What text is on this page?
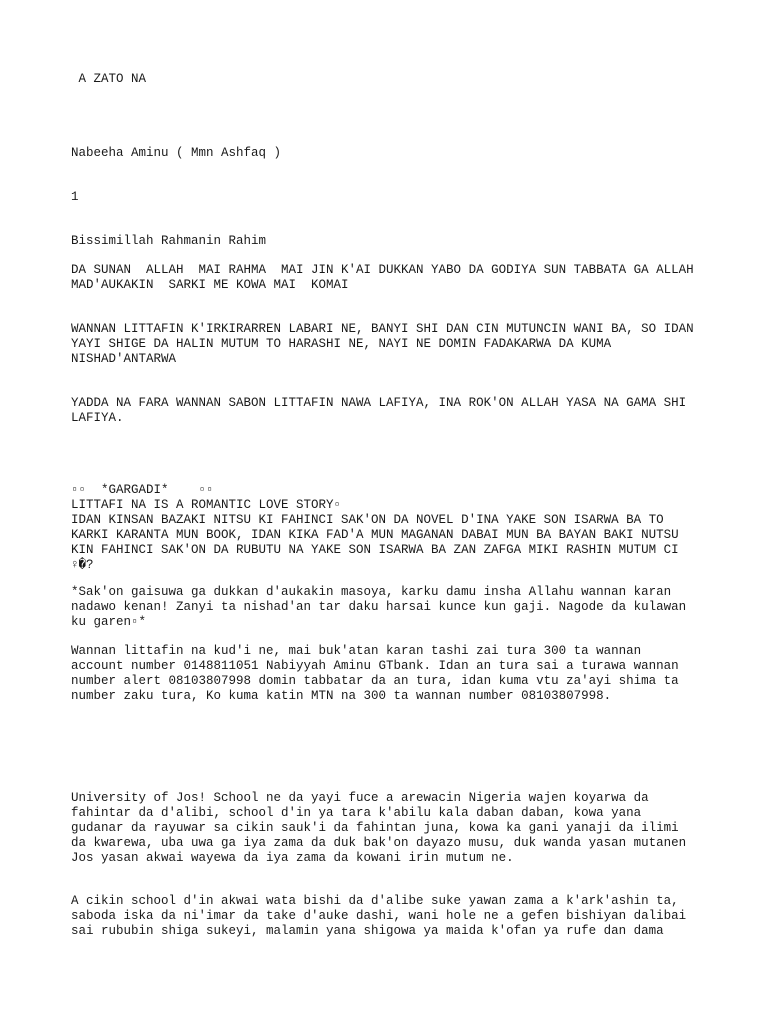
A ZATO NA

Nabeeha Aminu ( Mmn Ashfaq )

1

Bissimillah Rahmanin Rahim

DA SUNAN  ALLAH  MAI RAHMA  MAI JIN K'AI DUKKAN YABO DA GODIYA SUN TABBATA GA ALLAH
MAD'AUKAKIN  SARKI ME KOWA MAI  KOMAI
WANNAN LITTAFIN K'IRKIRARREN LABARI NE, BANYI SHI DAN CIN MUTUNCIN WANI BA, SO IDAN
YAYI SHIGE DA HALIN MUTUM TO HARASHI NE, NAYI NE DOMIN FADAKARWA DA KUMA
NISHAD'ANTARWA
YADDA NA FARA WANNAN SABON LITTAFIN NAWA LAFIYA, INA ROK'ON ALLAH YASA NA GAMA SHI
LAFIYA.
▫▫  *GARGADI*    ▫▫
LITTAFI NA IS A ROMANTIC LOVE STORY▫
IDAN KINSAN BAZAKI NITSU KI FAHINCI SAK'ON DA NOVEL D'INA YAKE SON ISARWA BA TO
KARKI KARANTA MUN BOOK, IDAN KIKA FAD'A MUN MAGANAN DABAI MUN BA BAYAN BAKI NUTSU
KIN FAHINCI SAK'ON DA RUBUTU NA YAKE SON ISARWA BA ZAN ZAFGA MIKI RASHIN MUTUM CI
♀�?
*Sak'on gaisuwa ga dukkan d'aukakin masoya, karku damu insha Allahu wannan karan
nadawo kenan! Zanyi ta nishad'an tar daku harsai kunce kun gaji. Nagode da kulawan
ku garen▫*
Wannan littafin na kud'i ne, mai buk'atan karan tashi zai tura 300 ta wannan
account number 0148811051 Nabiyyah Aminu GTbank. Idan an tura sai a turawa wannan
number alert 08103807998 domin tabbatar da an tura, idan kuma vtu za'ayi shima ta
number zaku tura, Ko kuma katin MTN na 300 ta wannan number 08103807998.
University of Jos! School ne da yayi fuce a arewacin Nigeria wajen koyarwa da
fahintar da d'alibi, school d'in ya tara k'abilu kala daban daban, kowa yana
gudanar da rayuwar sa cikin sauk'i da fahintan juna, kowa ka gani yanaji da ilimi
da kwarewa, uba uwa ga iya zama da duk bak'on dayazo musu, duk wanda yasan mutanen
Jos yasan akwai wayewa da iya zama da kowani irin mutum ne.
A cikin school d'in akwai wata bishi da d'alibe suke yawan zama a k'ark'ashin ta,
saboda iska da ni'imar da take d'auke dashi, wani hole ne a gefen bishiyan dalibai
sai rububin shiga sukeyi, malamin yana shigowa ya maida k'ofan ya rufe dan dama
